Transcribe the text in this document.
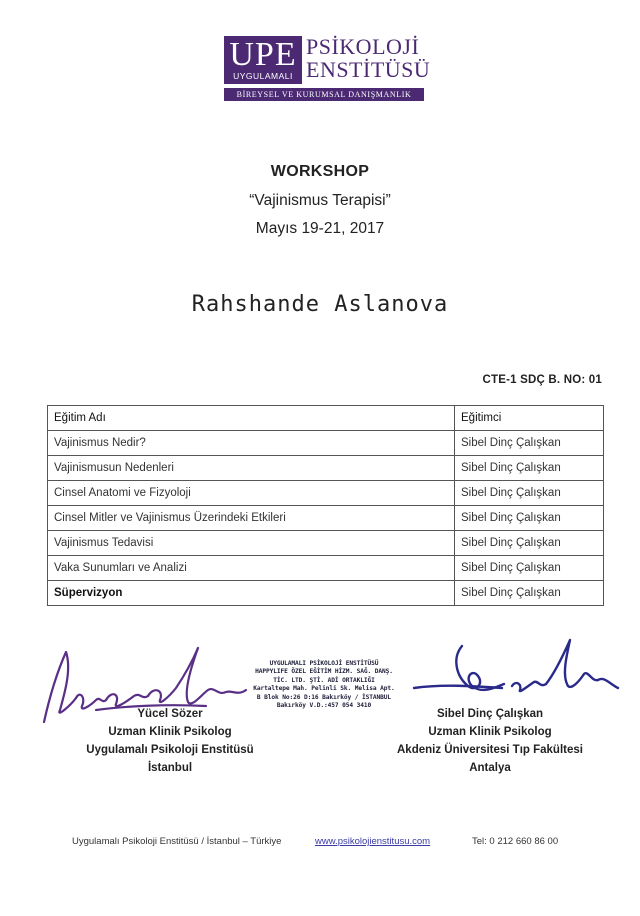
UPE
UYGULAMALI
PSİKOLOJİ
ENSTİTÜSÜ
BİREYSEL VE KURUMSAL DANIŞMANLIK
WORKSHOP
“Vajinismus Terapisi”
Mayıs 19-21, 2017
Rahshande Aslanova
CTE-1 SDÇ B. NO: 01
Eğitim Adı	Eğitimci
Vajinismus Nedir?	Sibel Dinç Çalışkan
Vajinismusun Nedenleri	Sibel Dinç Çalışkan
Cinsel Anatomi ve Fizyoloji	Sibel Dinç Çalışkan
Cinsel Mitler ve Vajinismus Üzerindeki Etkileri	Sibel Dinç Çalışkan
Vajinismus Tedavisi	Sibel Dinç Çalışkan
Vaka Sunumları ve Analizi	Sibel Dinç Çalışkan
Süpervizyon	Sibel Dinç Çalışkan
UYGULAMALI PSİKOLOJİ ENSTİTÜSÜ
HAPPYLIFE ÖZEL EĞİTİM HİZM. SAĞ. DANŞ.
TİC. LTD. ŞTİ. ADİ ORTAKLIĞI
Kartaltepe Mah. Pelinli Sk. Melisa Apt.
B Blok No:26 D:16 Bakırköy / İSTANBUL
Bakırköy V.D.:457 054 3410
Yücel Sözer
Uzman Klinik Psikolog
Uygulamalı Psikoloji Enstitüsü
İstanbul
Sibel Dinç Çalışkan
Uzman Klinik Psikolog
Akdeniz Üniversitesi Tıp Fakültesi
Antalya
Uygulamalı Psikoloji Enstitüsü / İstanbul – Türkiye	www.psikolojienstitusu.com	Tel: 0 212 660 86 00
